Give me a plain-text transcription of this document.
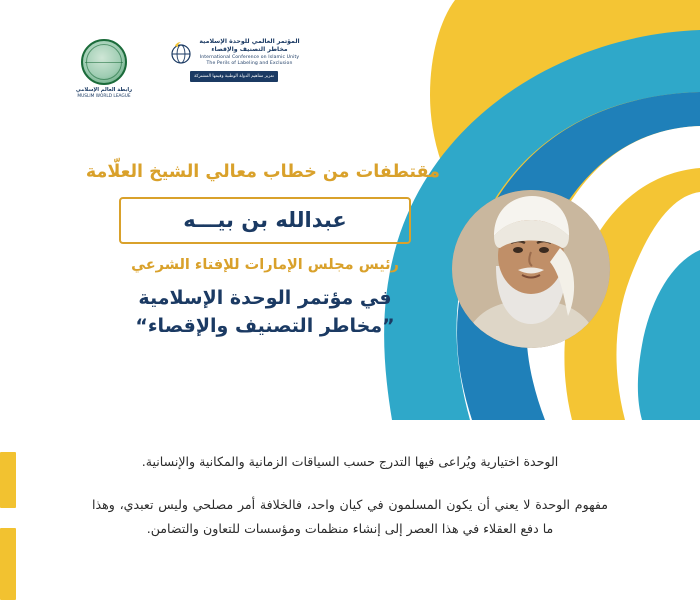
المؤتمر العالمي للوحدة الإسلامية
مخاطر التصنيف والإقصاء
International Conference on Islamic Unity
The Perils of Labeling and Exclusion
تعزيز مفاهيم الدولة الوطنية وقيمها المشتركة
رابطة العالم الإسلامي
MUSLIM WORLD LEAGUE
مقتطفات من خطاب معالي الشيخ العلّامة
عبدالله بن بيـــه
رئيس مجلس الإمارات للإفتاء الشرعي
في مؤتمر الوحدة الإسلامية
”مخاطر التصنيف والإقصاء“

الوحدة اختيارية ويُراعى فيها التدرج حسب السياقات الزمانية والمكانية والإنسانية.

مفهوم الوحدة لا يعني أن يكون المسلمون في كيان واحد، فالخلافة أمر مصلحي وليس تعبدي، وهذا ما دفع العقلاء في هذا العصر إلى إنشاء منظمات ومؤسسات للتعاون والتضامن.
